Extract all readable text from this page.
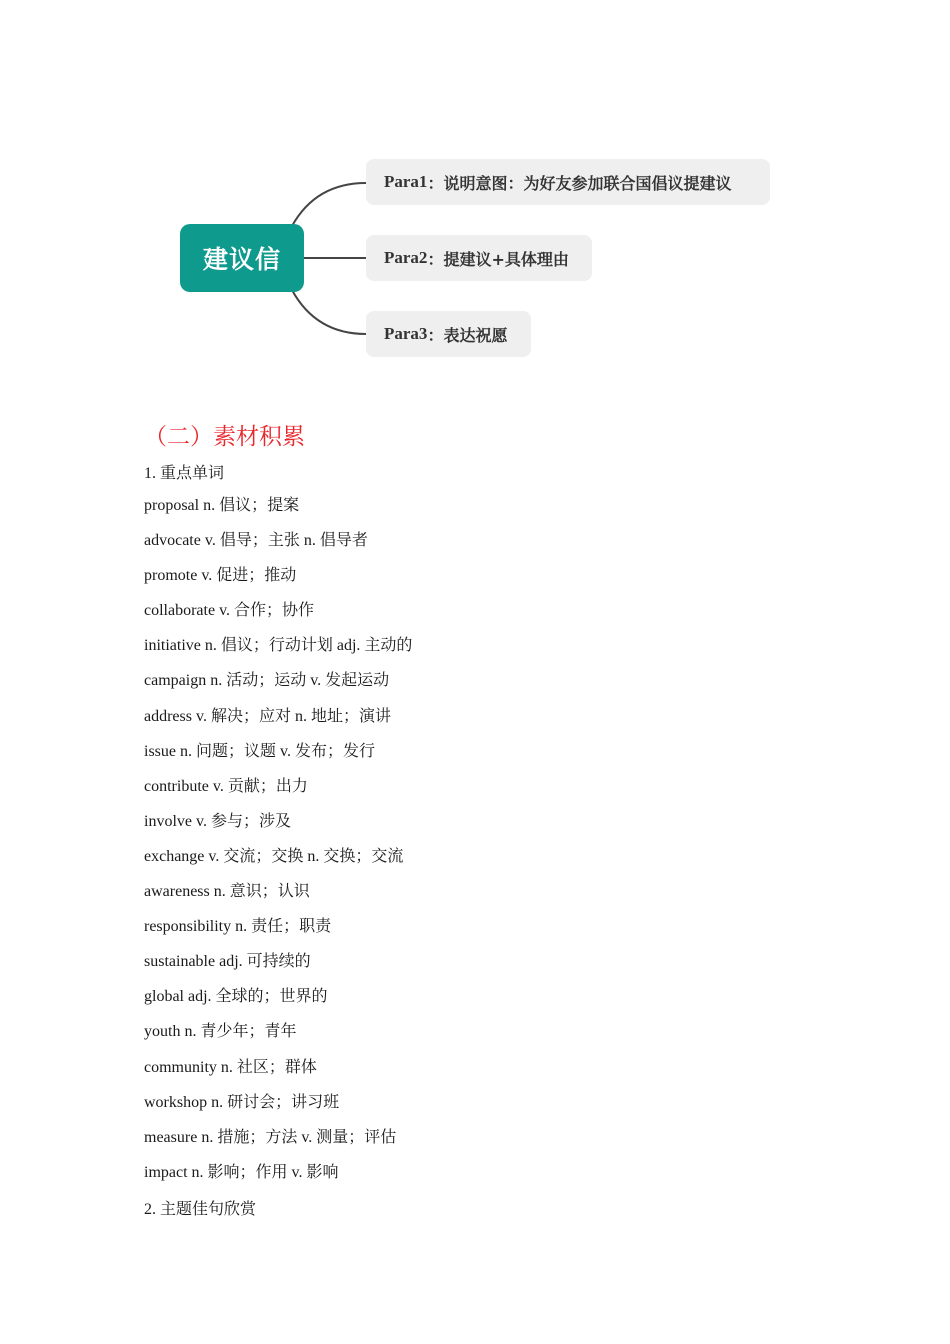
建议信
Para1 ：说明意图：为好友参加联合国倡议提建议
Para2 ：提建议+具体理由
Para3 ：表达祝愿
（二）素材积累
1. 重点单词
proposal n. 倡议；提案
advocate v. 倡导；主张 n. 倡导者
promote v. 促进；推动
collaborate v. 合作；协作
initiative n. 倡议；行动计划 adj. 主动的
campaign n. 活动；运动 v. 发起运动
address v. 解决；应对 n. 地址；演讲
issue n. 问题；议题 v. 发布；发行
contribute v. 贡献；出力
involve v. 参与；涉及
exchange v. 交流；交换 n. 交换；交流
awareness n. 意识；认识
responsibility n. 责任；职责
sustainable adj. 可持续的
global adj. 全球的；世界的
youth n. 青少年；青年
community n. 社区；群体
workshop n. 研讨会；讲习班
measure n. 措施；方法 v. 测量；评估
impact n. 影响；作用 v. 影响
2. 主题佳句欣赏
